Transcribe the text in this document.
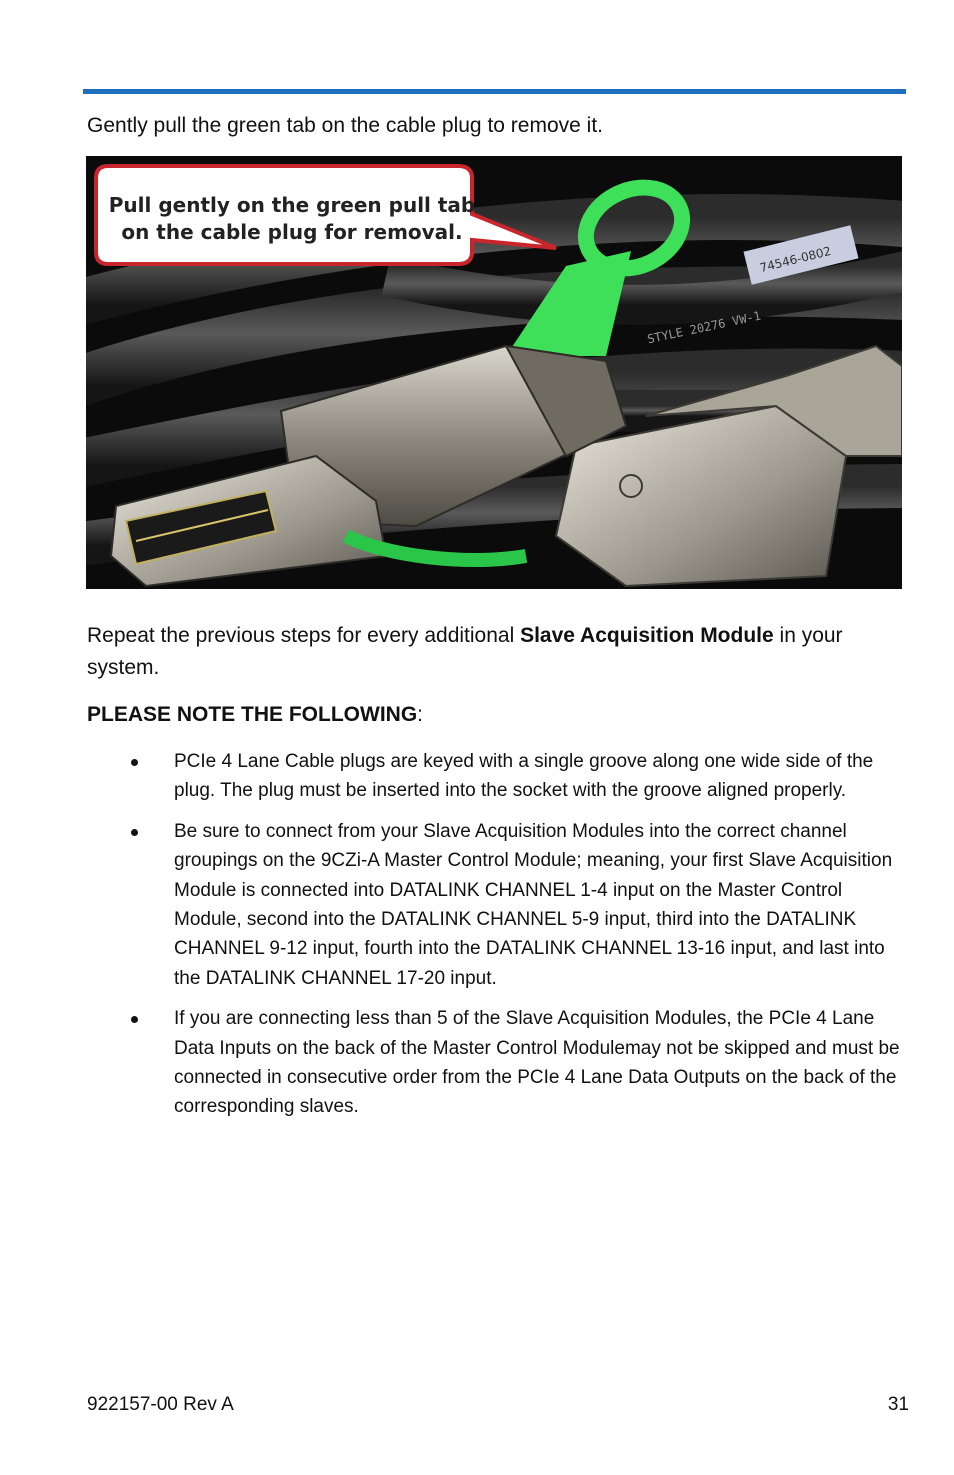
Gently pull the green tab on the cable plug to remove it.

74546-0802
STYLE 20276 VW-1
Pull gently on the green pull tab
on the cable plug for removal.

Repeat the previous steps for every additional Slave Acquisition Module in your system.

PLEASE NOTE THE FOLLOWING:

PCIe 4 Lane Cable plugs are keyed with a single groove along one wide side of the plug. The plug must be inserted into the socket with the groove aligned properly.
Be sure to connect from your Slave Acquisition Modules into the correct channel groupings on the 9CZi-A Master Control Module; meaning, your first Slave Acquisition Module is connected into DATALINK CHANNEL 1-4 input on the Master Control Module, second into the DATALINK CHANNEL 5-9 input, third into the DATALINK CHANNEL 9-12 input, fourth into the DATALINK CHANNEL 13-16 input, and last into the DATALINK CHANNEL 17-20 input.
If you are connecting less than 5 of the Slave Acquisition Modules, the PCIe 4 Lane Data Inputs on the back of the Master Control Modulemay not be skipped and must be connected in consecutive order from the PCIe 4 Lane Data Outputs on the back of the corresponding slaves.
922157-00 Rev A	31
